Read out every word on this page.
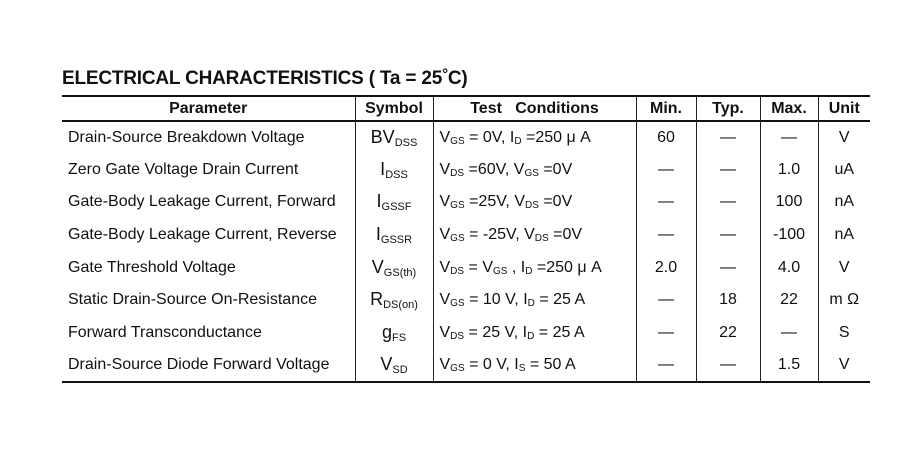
ELECTRICAL CHARACTERISTICS ( Ta = 25°C)
Parameter	Symbol	Test   Conditions	Min.	Typ.	Max.	Unit
Drain-Source Breakdown Voltage	$BV_{DSS}$	$V_{GS} = 0V$, $I_D =250$ μ A	60	—	—	V
Zero Gate Voltage Drain Current	$I_{DSS}$	$V_{DS} =60V$, $V_{GS} =0V$	—	—	1.0	uA
Gate-Body Leakage Current, Forward	$I_{GSSF}$	$V_{GS} =25V$, $V_{DS} =0V$	—	—	100	nA
Gate-Body Leakage Current, Reverse	$I_{GSSR}$	$V_{GS} = -25V$, $V_{DS} =0V$	—	—	-100	nA
Gate Threshold Voltage	$V_{GS(th)}$	$V_{DS} = V_{GS}$ , $I_D =250$ μ A	2.0	—	4.0	V
Static Drain-Source On-Resistance	$R_{DS(on)}$	$V_{GS} = 10$ V, $I_D = 25$ A	—	18	22	m Ω
Forward Transconductance	$g_{FS}$	$V_{DS} = 25$ V, $I_D = 25$ A	—	22	—	S
Drain-Source Diode Forward Voltage	$V_{SD}$	$V_{GS} = 0$ V, $I_S = 50$ A	—	—	1.5	V
